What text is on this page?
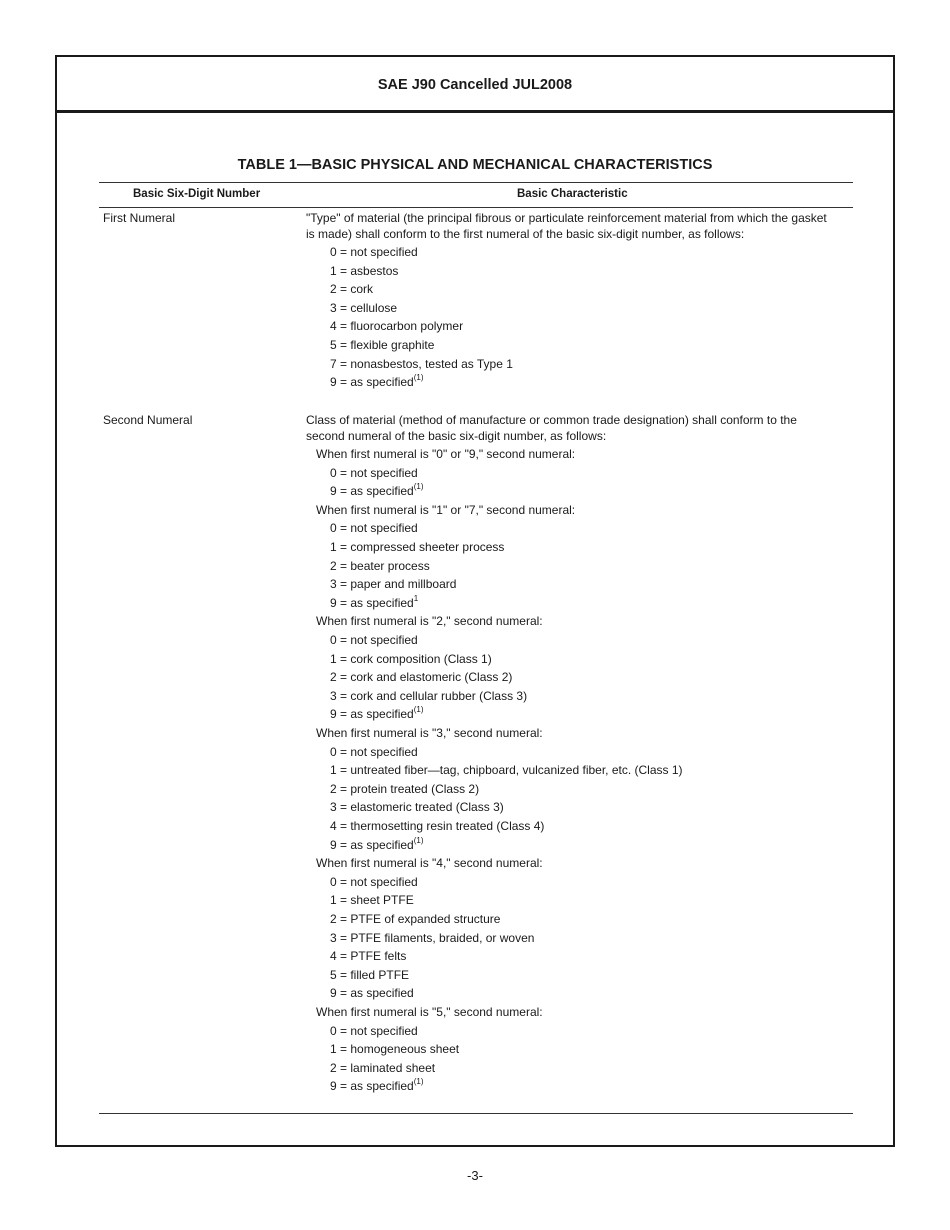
SAE J90 Cancelled JUL2008
TABLE 1—BASIC PHYSICAL AND MECHANICAL CHARACTERISTICS
Basic Six-Digit Number	Basic Characteristic
First Numeral	"Type" of material (the principal fibrous or particulate reinforcement material from which the gasket
is made) shall conform to the first numeral of the basic six-digit number, as follows:
0 = not specified
1 = asbestos
2 = cork
3 = cellulose
4 = fluorocarbon polymer
5 = flexible graphite
7 = nonasbestos, tested as Type 1
9 = as specified$^{(1)}$
Second Numeral	Class of material (method of manufacture or common trade designation) shall conform to the
second numeral of the basic six-digit number, as follows:
When first numeral is "0" or "9," second numeral:
0 = not specified
9 = as specified$^{(1)}$
When first numeral is "1" or "7," second numeral:
0 = not specified
1 = compressed sheeter process
2 = beater process
3 = paper and millboard
9 = as specified$^1$
When first numeral is "2," second numeral:
0 = not specified
1 = cork composition (Class 1)
2 = cork and elastomeric (Class 2)
3 = cork and cellular rubber (Class 3)
9 = as specified$^{(1)}$
When first numeral is "3," second numeral:
0 = not specified
1 = untreated fiber—tag, chipboard, vulcanized fiber, etc. (Class 1)
2 = protein treated (Class 2)
3 = elastomeric treated (Class 3)
4 = thermosetting resin treated (Class 4)
9 = as specified$^{(1)}$
When first numeral is "4," second numeral:
0 = not specified
1 = sheet PTFE
2 = PTFE of expanded structure
3 = PTFE filaments, braided, or woven
4 = PTFE felts
5 = filled PTFE
9 = as specified
When first numeral is "5," second numeral:
0 = not specified
1 = homogeneous sheet
2 = laminated sheet
9 = as specified$^{(1)}$
-3-
